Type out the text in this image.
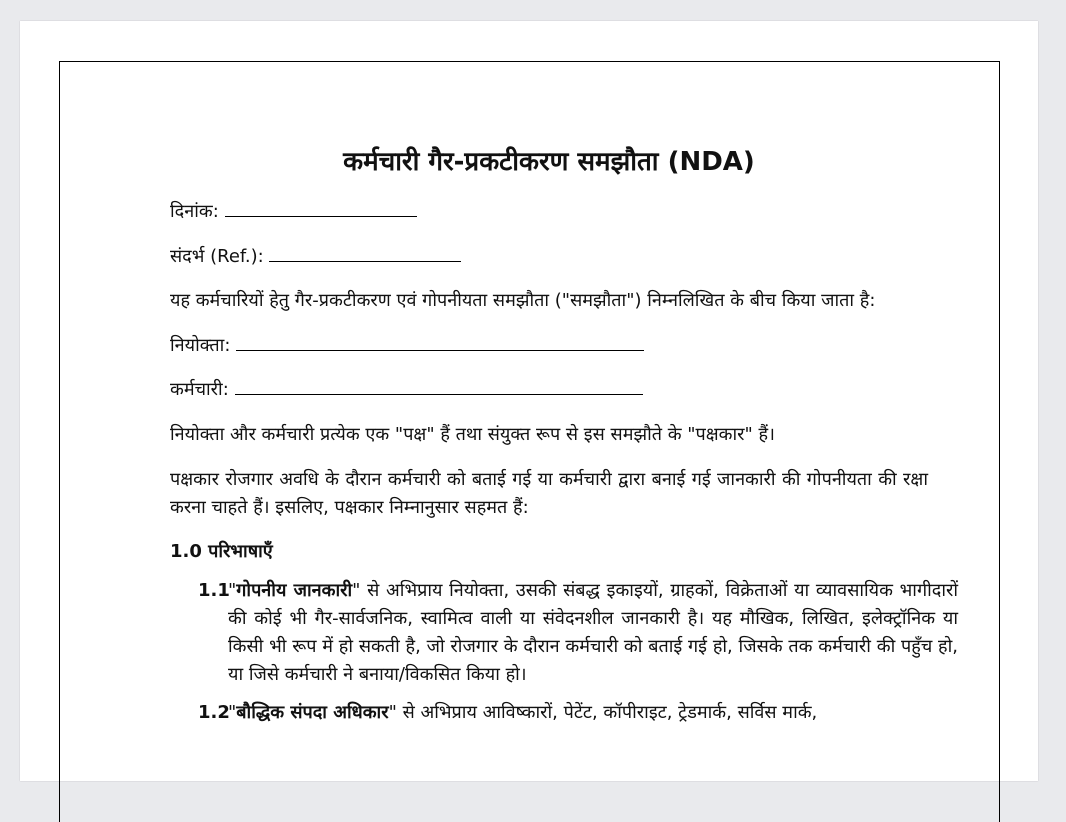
कर्मचारी गैर-प्रकटीकरण समझौता (NDA)
दिनांक:
संदर्भ (Ref.):
यह कर्मचारियों हेतु गैर-प्रकटीकरण एवं गोपनीयता समझौता ("समझौता") निम्नलिखित के बीच किया जाता है:
नियोक्ता:
कर्मचारी:
नियोक्ता और कर्मचारी प्रत्येक एक "पक्ष" हैं तथा संयुक्त रूप से इस समझौते के "पक्षकार" हैं।
पक्षकार रोजगार अवधि के दौरान कर्मचारी को बताई गई या कर्मचारी द्वारा बनाई गई जानकारी की गोपनीयता की रक्षा करना चाहते हैं। इसलिए, पक्षकार निम्नानुसार सहमत हैं:
1.0 परिभाषाएँ
1.1
"गोपनीय जानकारी" से अभिप्राय नियोक्ता, उसकी संबद्ध इकाइयों, ग्राहकों, विक्रेताओं या व्यावसायिक भागीदारों की कोई भी गैर-सार्वजनिक, स्वामित्व वाली या संवेदनशील जानकारी है। यह मौखिक, लिखित, इलेक्ट्रॉनिक या किसी भी रूप में हो सकती है, जो रोजगार के दौरान कर्मचारी को बताई गई हो, जिसके तक कर्मचारी की पहुँच हो, या जिसे कर्मचारी ने बनाया/विकसित किया हो।
1.2
"बौद्धिक संपदा अधिकार" से अभिप्राय आविष्कारों, पेटेंट, कॉपीराइट, ट्रेडमार्क, सर्विस मार्क,
